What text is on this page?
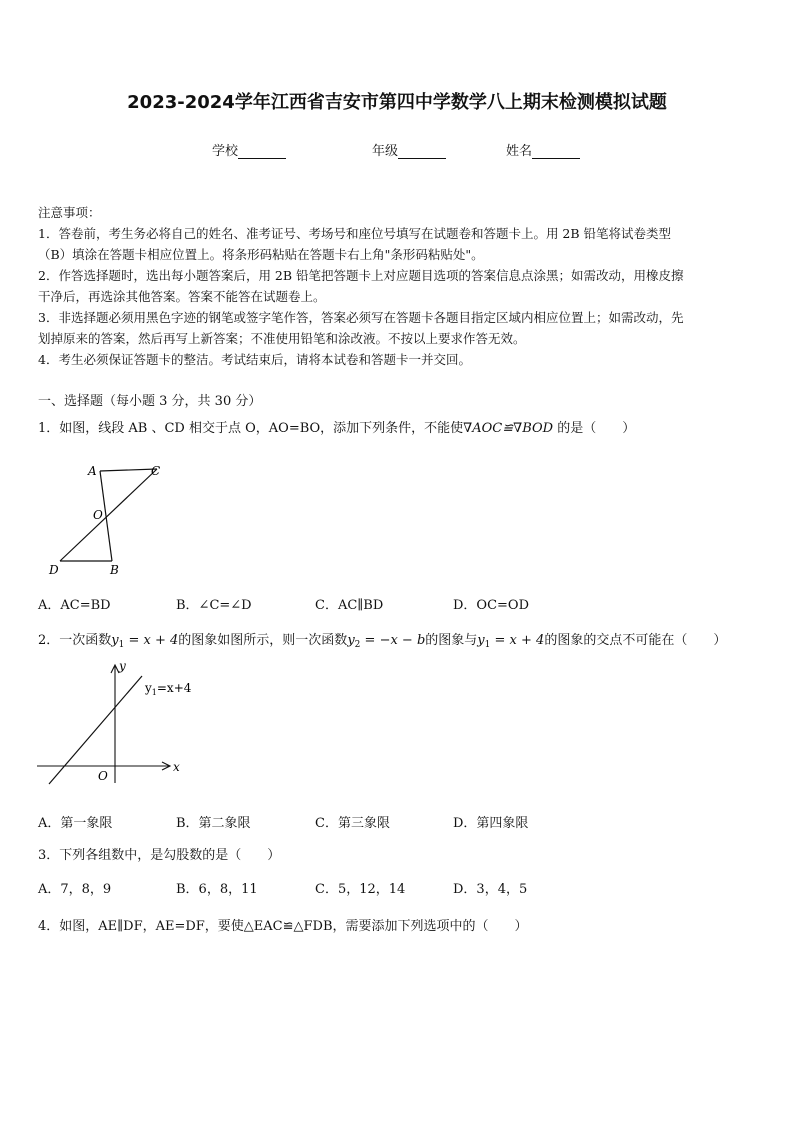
2023-2024学年江西省吉安市第四中学数学八上期末检测模拟试题
学校	年级	姓名
注意事项：
1．答卷前，考生务必将自己的姓名、准考证号、考场号和座位号填写在试题卷和答题卡上。用 2B 铅笔将试卷类型
（B）填涂在答题卡相应位置上。将条形码粘贴在答题卡右上角"条形码粘贴处"。
2．作答选择题时，选出每小题答案后，用 2B 铅笔把答题卡上对应题目选项的答案信息点涂黑；如需改动，用橡皮擦
干净后，再选涂其他答案。答案不能答在试题卷上。
3．非选择题必须用黑色字迹的钢笔或签字笔作答，答案必须写在答题卡各题目指定区域内相应位置上；如需改动，先
划掉原来的答案，然后再写上新答案；不准使用铅笔和涂改液。不按以上要求作答无效。
4．考生必须保证答题卡的整洁。考试结束后，请将本试卷和答题卡一并交回。
一、选择题（每小题 3 分，共 30 分）
1．如图，线段 AB 、CD 相交于点 O，AO=BO，添加下列条件，不能使∇AOC≌∇BOD 的是（　　）
A	C
O
D	B
A．AC=BD	B．∠C=∠D	C．AC∥BD	D．OC=OD
2．一次函数$y_1 = x + 4$的图象如图所示，则一次函数$y_2 = -x - b$的图象与$y_1 = x + 4$的图象的交点不可能在（　　）
y
x
O
$y_1=x+4$
A．第一象限	B．第二象限	C．第三象限	D．第四象限
3．下列各组数中，是勾股数的是（　　）
A．7，8，9	B．6，8，11	C．5，12，14	D．3，4，5
4．如图，AE∥DF，AE=DF，要使△EAC≌△FDB，需要添加下列选项中的（　　）
